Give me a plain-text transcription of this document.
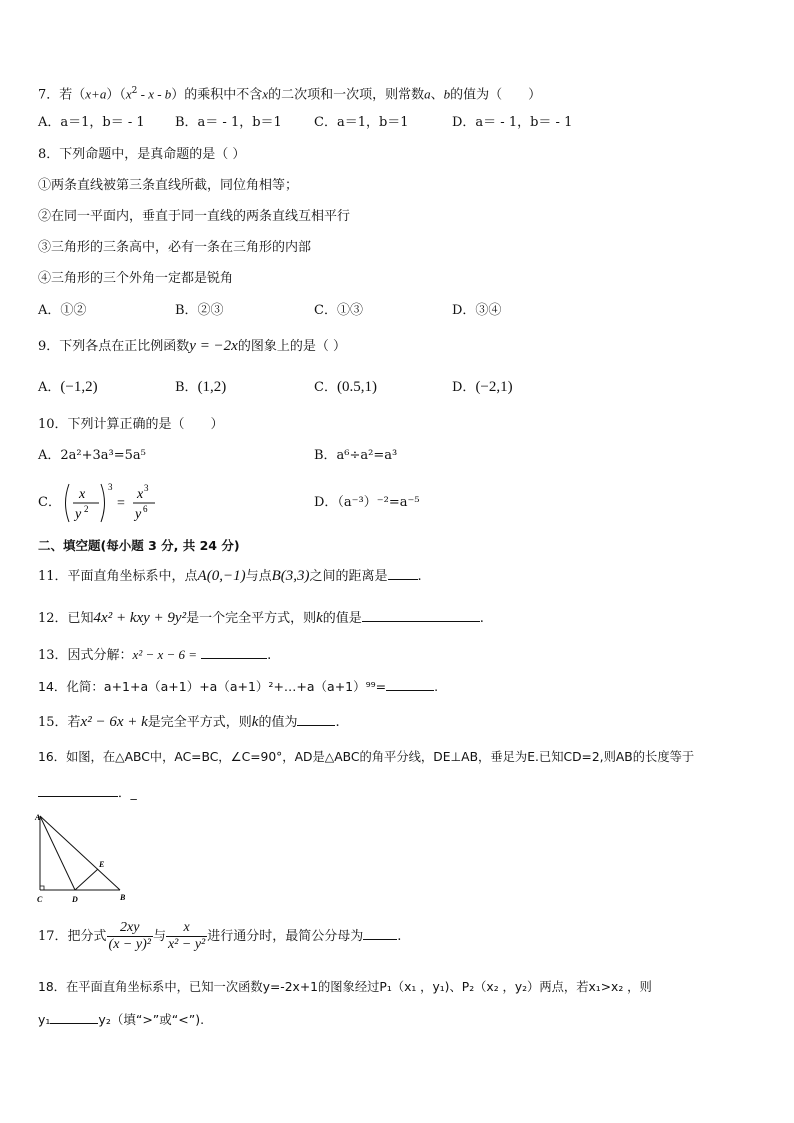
7．若$(x+a)(x^2 - x - b)$的乘积中不含x的二次项和一次项，则常数a、b的值为（　　）
A．a＝1，b＝ - 1 B．a＝ - 1，b＝1 C．a＝1，b＝1	D．a＝ - 1，b＝ - 1
8．下列命题中，是真命题的是（ ）
①两条直线被第三条直线所截，同位角相等；
②在同一平面内，垂直于同一直线的两条直线互相平行
③三角形的三条高中，必有一条在三角形的内部
④三角形的三个外角一定都是锐角
A．①②	B．②③	C．①③	D．③④
9．下列各点在正比例函数y = −2x的图象上的是（ ）
A．(−1,2)	B．(1,2)	C．(0.5,1)	D．(−2,1)
10．下列计算正确的是（　　）
A．2a²+3a³=5a⁵	B．a⁶÷a²=a³
C．
x
y 2
3
=
x 3
y 6	D．（a⁻³）⁻²=a⁻⁵
二、填空题(每小题 3 分, 共 24 分)
11．平面直角坐标系中，点A(0,−1)与点B(3,3)之间的距离是 .
12．已知4x² + kxy + 9y²是一个完全平方式，则k的值是	.
13．因式分解：x² − x − 6 =	.
14．化简：a+1+a（a+1）+a（a+1）²+…+a（a+1）⁹⁹=	.
15．若x² − 6x + k是完全平方式，则k的值为	.
16．如图，在△ABC中，AC=BC，∠C=90°，AD是△ABC的角平分线，DE⊥AB，垂足为E.已知CD=2,则AB的长度等于
．_
A
C	D
E
B
17．把分式 $\frac{2xy}{\text{(x − y)²}}$ 与 $\frac{x}{\text{x² − y²}}$ 进行通分时，最简公分母为	.
18．在平面直角坐标系中，已知一次函数y=-2x+1的图象经过P₁（x₁ ，y₁)、P₂（x₂ ，y₂）两点，若x₁>x₂ ，则
y₁	y₂（填“>”或“<”).
